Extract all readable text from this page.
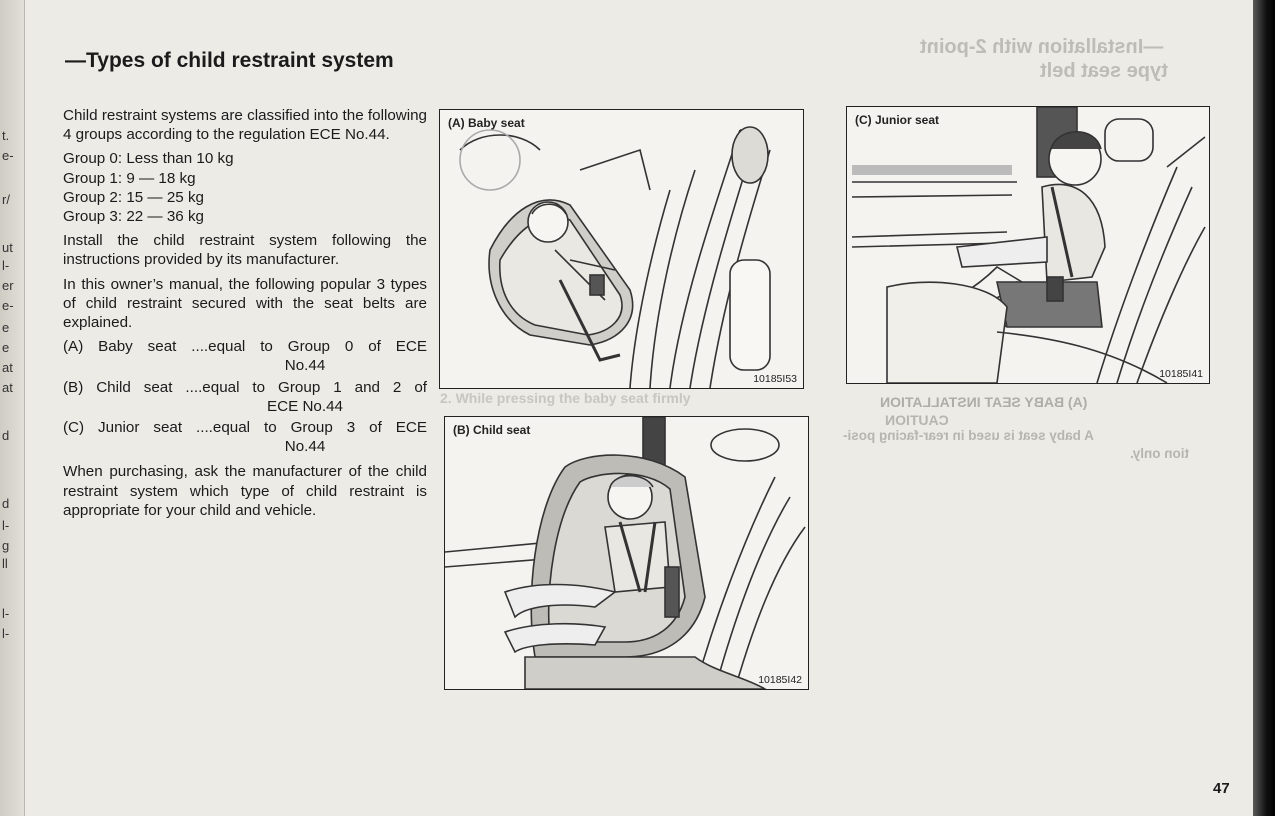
t.
e-
r/
ut
l-
er
e-
e
e
at
at
d
d
l-
g
ll
l-
l-
—Installation with 2-point
type seat belt
(A) BABY SEAT INSTALLATION
CAUTION
A baby seat is used in rear-facing posi-
tion only.
2. While pressing the baby seat firmly
—Types of child restraint system

Child restraint systems are classified into the following 4 groups according to the regulation ECE No.44.

Group 0: Less than 10 kg

Group 1: 9 — 18 kg

Group 2: 15 — 25 kg

Group 3: 22 — 36 kg

Install the child restraint system following the instructions provided by its manufacturer.

In this owner’s manual, the following popular 3 types of child restraint secured with the seat belts are explained.

(A) Baby seat ....equal to Group 0 of ECE
No.44
(B) Child seat ....equal to Group 1 and 2 of
ECE No.44
(C) Junior seat ....equal to Group 3 of ECE
No.44

When purchasing, ask the manufacturer of the child restraint system which type of child restraint is appropriate for your child and vehicle.

(A) Baby seat
10185I53
(B) Child seat
10185I42
(C) Junior seat
10185I41
47
